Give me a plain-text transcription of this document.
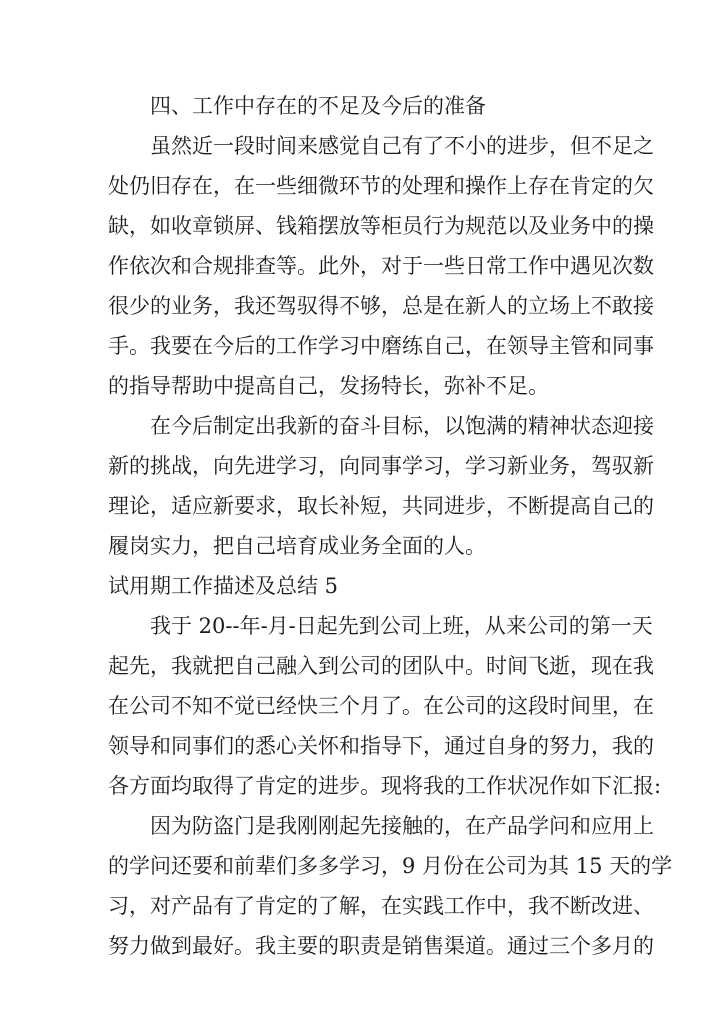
四、工作中存在的不足及今后的准备
虽然近一段时间来感觉自己有了不小的进步，但不足之
处仍旧存在，在一些细微环节的处理和操作上存在肯定的欠
缺，如收章锁屏、钱箱摆放等柜员行为规范以及业务中的操
作依次和合规排查等。此外，对于一些日常工作中遇见次数
很少的业务，我还驾驭得不够，总是在新人的立场上不敢接
手。我要在今后的工作学习中磨练自己，在领导主管和同事
的指导帮助中提高自己，发扬特长，弥补不足。
在今后制定出我新的奋斗目标，以饱满的精神状态迎接
新的挑战，向先进学习，向同事学习，学习新业务，驾驭新
理论，适应新要求，取长补短，共同进步，不断提高自己的
履岗实力，把自己培育成业务全面的人。
试用期工作描述及总结 5
我于 20--年-月-日起先到公司上班，从来公司的第一天
起先，我就把自己融入到公司的团队中。时间飞逝，现在我
在公司不知不觉已经快三个月了。在公司的这段时间里，在
领导和同事们的悉心关怀和指导下，通过自身的努力，我的
各方面均取得了肯定的进步。现将我的工作状况作如下汇报:
因为防盗门是我刚刚起先接触的，在产品学问和应用上
的学问还要和前辈们多多学习，9 月份在公司为其 15 天的学
习，对产品有了肯定的了解，在实践工作中，我不断改进、
努力做到最好。我主要的职责是销售渠道。通过三个多月的
